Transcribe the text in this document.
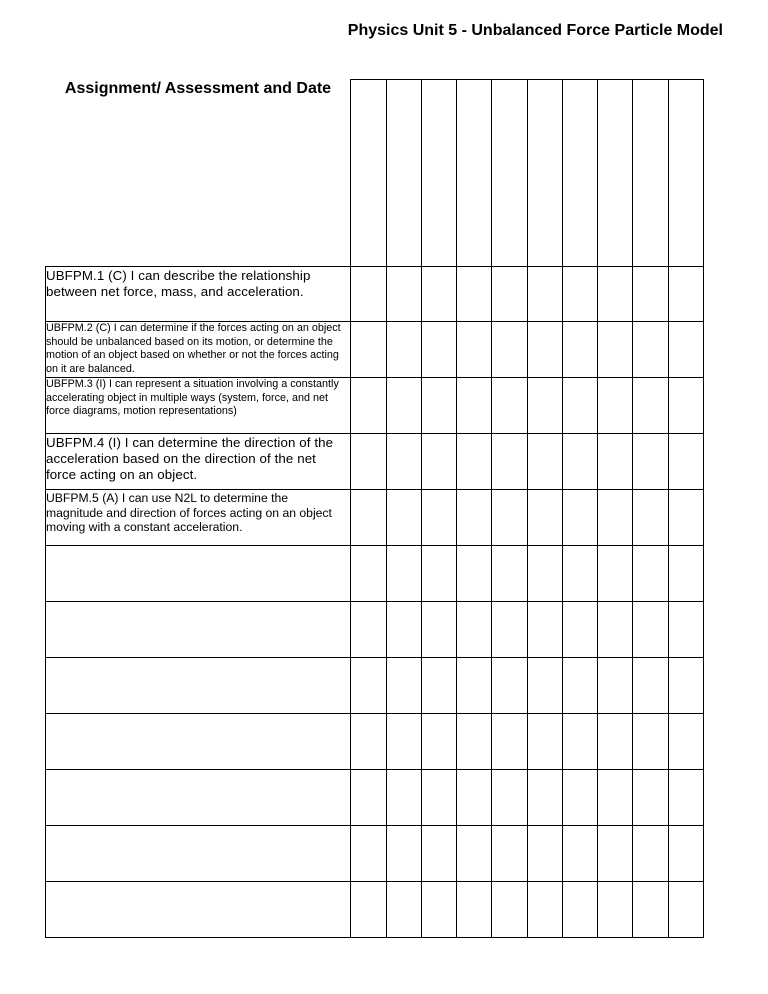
Physics Unit 5 - Unbalanced Force Particle Model
Assignment/ Assessment and Date
UBFPM.1 (C) I can describe the relationship between net force, mass, and acceleration.
UBFPM.2 (C) I can determine if the forces acting on an object should be unbalanced based on its motion, or determine the motion of an object based on whether or not the forces acting on it are balanced.
UBFPM.3 (I) I can represent a situation involving a constantly accelerating object in multiple ways (system, force, and net force diagrams, motion representations)
UBFPM.4 (I) I can determine the direction of the acceleration based on the direction of the net force acting on an object.
UBFPM.5 (A) I can use N2L to determine the magnitude and direction of forces acting on an object moving with a constant acceleration.
